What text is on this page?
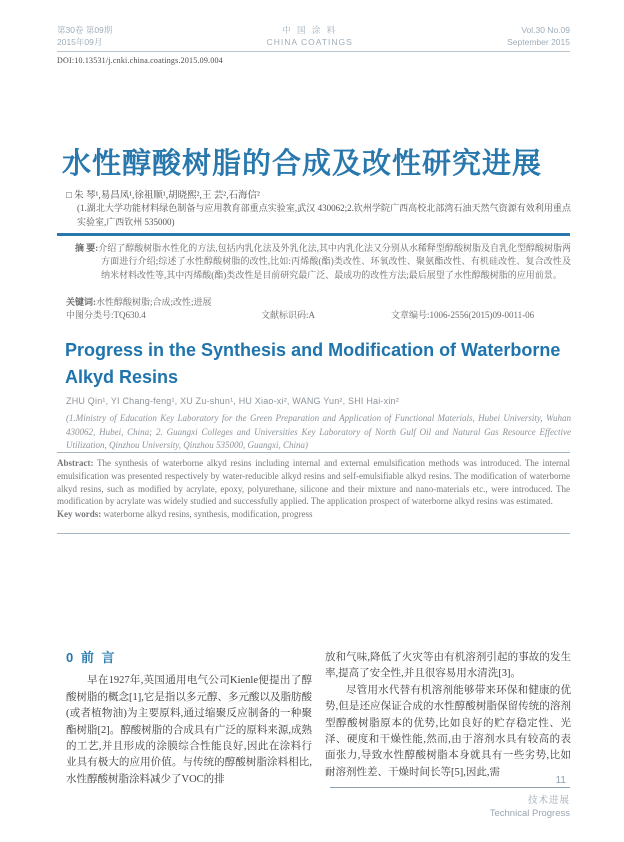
第30卷 第09期
2015年09月
中 国 涂 料
CHINA COATINGS
Vol.30 No.09
September 2015
DOI:10.13531/j.cnki.china.coatings.2015.09.004
水性醇酸树脂的合成及改性研究进展
□ 朱 琴¹,易昌凤¹,徐祖顺¹,胡晓熙²,王 芸²,石海信²
(1.湖北大学功能材料绿色制备与应用教育部重点实验室,武汉 430062;2.钦州学院广西高校北部湾石油天然气资源有效利用重点实验室,广西钦州 535000)
摘 要:介绍了醇酸树脂水性化的方法,包括内乳化法及外乳化法,其中内乳化法又分别从水稀释型醇酸树脂及自乳化型醇酸树脂两方面进行介绍;综述了水性醇酸树脂的改性,比如:丙烯酸(酯)类改性、环氧改性、聚氨酯改性、有机硅改性、复合改性及纳米材料改性等,其中丙烯酸(酯)类改性是目前研究最广泛、最成功的改性方法;最后展望了水性醇酸树脂的应用前景。
关键词:水性醇酸树脂;合成;改性;进展
中图分类号:TQ630.4	文献标识码:A	文章编号:1006-2556(2015)09-0011-06
Progress in the Synthesis and Modification of Waterborne Alkyd Resins
ZHU Qin¹, YI Chang-feng¹, XU Zu-shun¹, HU Xiao-xi², WANG Yun², SHI Hai-xin²
(1.Ministry of Education Key Laboratory for the Green Preparation and Application of Functional Materials, Hubei University, Wuhan 430062, Hubei, China; 2. Guangxi Colleges and Universities Key Laboratory of North Gulf Oil and Natural Gas Resource Effective Utilization, Qinzhou University, Qinzhou 535000, Guangxi, China)
Abstract: The synthesis of waterborne alkyd resins including internal and external emulsification methods was introduced. The internal emulsification was presented respectively by water-reducible alkyd resins and self-emulsifiable alkyd resins. The modification of waterborne alkyd resins, such as modified by acrylate, epoxy, polyurethane, silicone and their mixture and nano-materials etc., were introduced. The modification by acrylate was widely studied and successfully applied. The application prospect of waterborne alkyd resins was estimated.
Key words: waterborne alkyd resins, synthesis, modification, progress
0 前 言
早在1927年,英国通用电气公司Kienle便提出了醇酸树脂的概念[1],它是指以多元醇、多元酸以及脂肪酸(或者植物油)为主要原料,通过缩聚反应制备的一种聚酯树脂[2]。醇酸树脂的合成具有广泛的原料来源,成熟的工艺,并且形成的涂膜综合性能良好,因此在涂料行业具有极大的应用价值。与传统的醇酸树脂涂料相比,水性醇酸树脂涂料减少了VOC的排
放和气味,降低了火灾等由有机溶剂引起的事故的发生率,提高了安全性,并且很容易用水清洗[3]。
尽管用水代替有机溶剂能够带来环保和健康的优势,但是还应保证合成的水性醇酸树脂保留传统的溶剂型醇酸树脂原本的优势,比如良好的贮存稳定性、光泽、硬度和干燥性能,然而,由于溶剂水具有较高的表面张力,导致水性醇酸树脂本身就具有一些劣势,比如耐溶剂性差、干燥时间长等[5],因此,需
11
技术进展
Technical Progress
